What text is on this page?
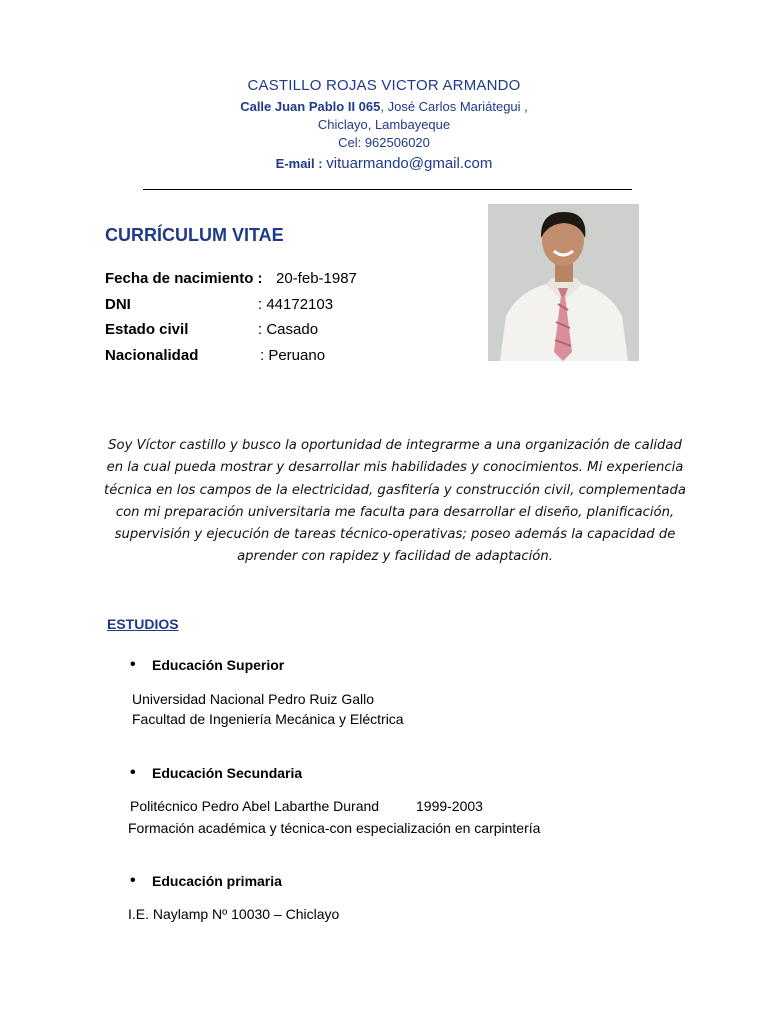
CASTILLO ROJAS VICTOR ARMANDO
Calle Juan Pablo II 065, José Carlos Mariátegui ,
Chiclayo, Lambayeque
Cel: 962506020
E-mail : vituarmando@gmail.com
CURRÍCULUM VITAE
Fecha de nacimiento : 20-feb-1987
DNI	: 44172103
Estado civil	: Casado
Nacionalidad	: Peruano
Soy Víctor castillo y busco la oportunidad de integrarme a una organización de calidad en la cual pueda mostrar y desarrollar mis habilidades y conocimientos. Mi experiencia técnica en los campos de la electricidad, gasfitería y construcción civil, complementada con mi preparación universitaria me faculta para desarrollar el diseño, planificación, supervisión y ejecución de tareas técnico-operativas; poseo además la capacidad de aprender con rapidez y facilidad de adaptación.
ESTUDIOS
• Educación Superior
Universidad Nacional Pedro Ruiz Gallo
Facultad de Ingeniería Mecánica y Eléctrica
• Educación Secundaria
Politécnico Pedro Abel Labarthe Durand	1999-2003
Formación académica y técnica-con especialización en carpintería
• Educación primaria
I.E. Naylamp Nº 10030 – Chiclayo
